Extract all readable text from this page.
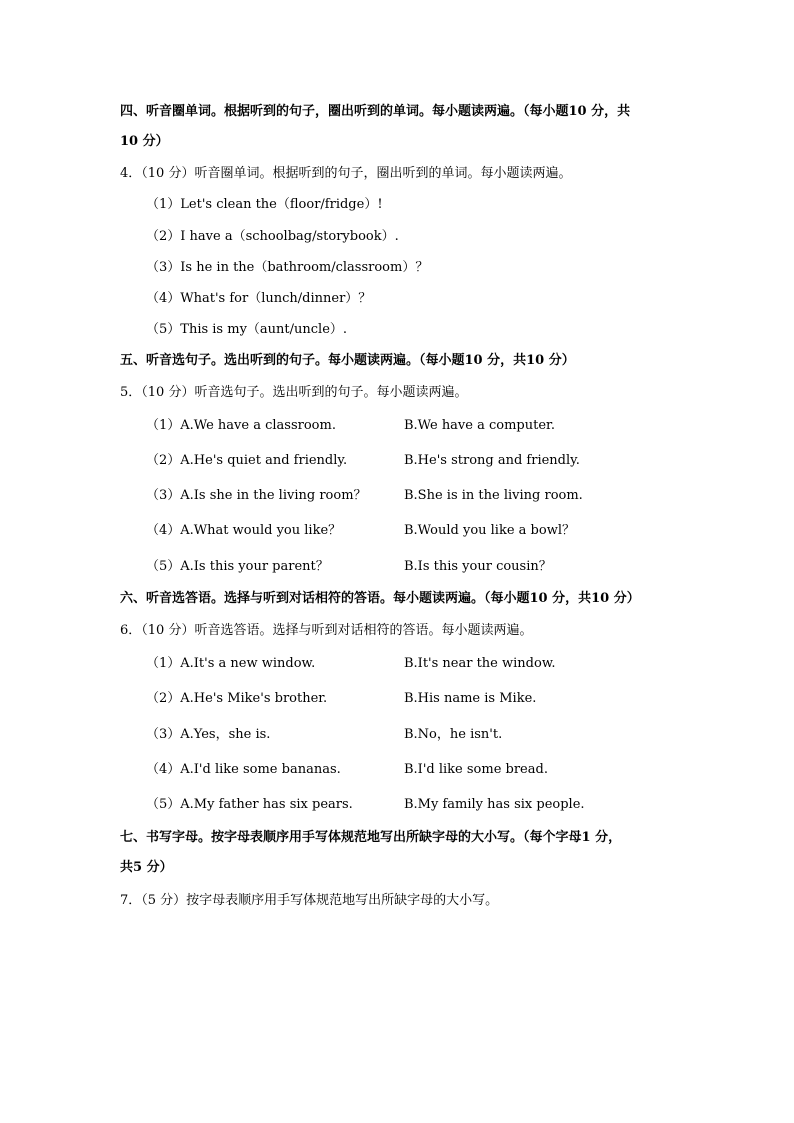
四、听音圈单词。根据听到的句子，圈出听到的单词。每小题读两遍。（每小题10 分，共
10 分）
4．（10 分）听音圈单词。根据听到的句子，圈出听到的单词。每小题读两遍。
（1）Let's clean the（floor/fridge）!
（2）I have a（schoolbag/storybook）.
（3）Is he in the（bathroom/classroom）？
（4）What's for（lunch/dinner）？
（5）This is my（aunt/uncle）.
五、听音选句子。选出听到的句子。每小题读两遍。（每小题10 分，共10 分）
5．（10 分）听音选句子。选出听到的句子。每小题读两遍。
（1）A.We have a classroom.	B.We have a computer.
（2）A.He's quiet and friendly.	B.He's strong and friendly.
（3）A.Is she in the living room？	B.She is in the living room.
（4）A.What would you like？	B.Would you like a bowl？
（5）A.Is this your parent？	B.Is this your cousin？
六、听音选答语。选择与听到对话相符的答语。每小题读两遍。（每小题10 分，共10 分）
6．（10 分）听音选答语。选择与听到对话相符的答语。每小题读两遍。
（1）A.It's a new window.	B.It's near the window.
（2）A.He's Mike's brother.	B.His name is Mike.
（3）A.Yes，she is.	B.No，he isn't.
（4）A.I'd like some bananas.	B.I'd like some bread.
（5）A.My father has six pears.	B.My family has six people.
七、书写字母。按字母表顺序用手写体规范地写出所缺字母的大小写。（每个字母1 分，
共5 分）
7．（5 分）按字母表顺序用手写体规范地写出所缺字母的大小写。
